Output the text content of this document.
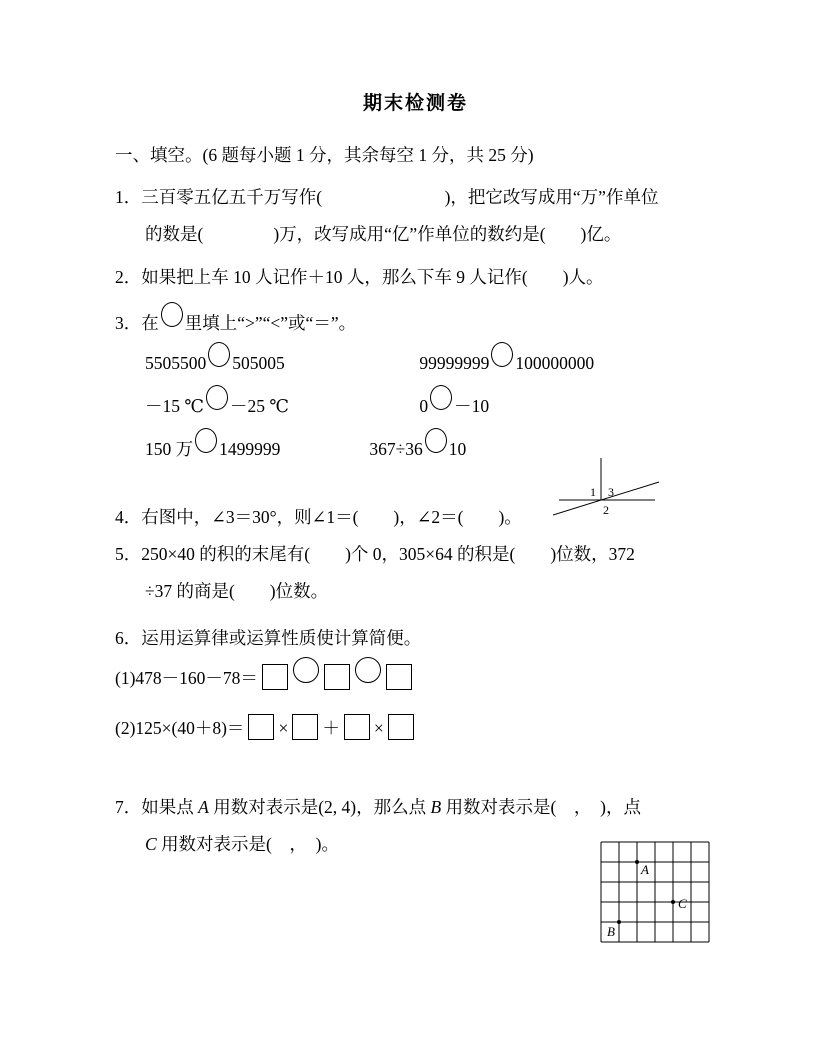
期末检测卷
一、填空。(6 题每小题 1 分，其余每空 1 分，共 25 分)
1．三百零五亿五千万写作(　　　　　　　)，把它改写成用“万”作单位
的数是(　　　　)万，改写成用“亿”作单位的数约是(　　)亿。
2．如果把上车 10 人记作＋10 人，那么下车 9 人记作(　　)人。
3．在 里填上“>”“<”或“＝”。
5505500 505005	99999999 100000000
－15 ℃ －25 ℃	0 －10
150 万 1499999	367÷36 10
4．右图中，∠3＝30°，则∠1＝(　　)，∠2＝(　　)。
5．250×40 的积的末尾有(　　)个 0，305×64 的积是(　　)位数，372
÷37 的商是(　　)位数。
6．运用运算律或运算性质使计算简便。
(1)478－160－78＝
(2)125×(40＋8)＝ × ＋ ×
7．如果点 A 用数对表示是(2, 4)，那么点 B 用数对表示是(　，　)，点
C 用数对表示是(　，　)。
1 3
2
A
C
B
